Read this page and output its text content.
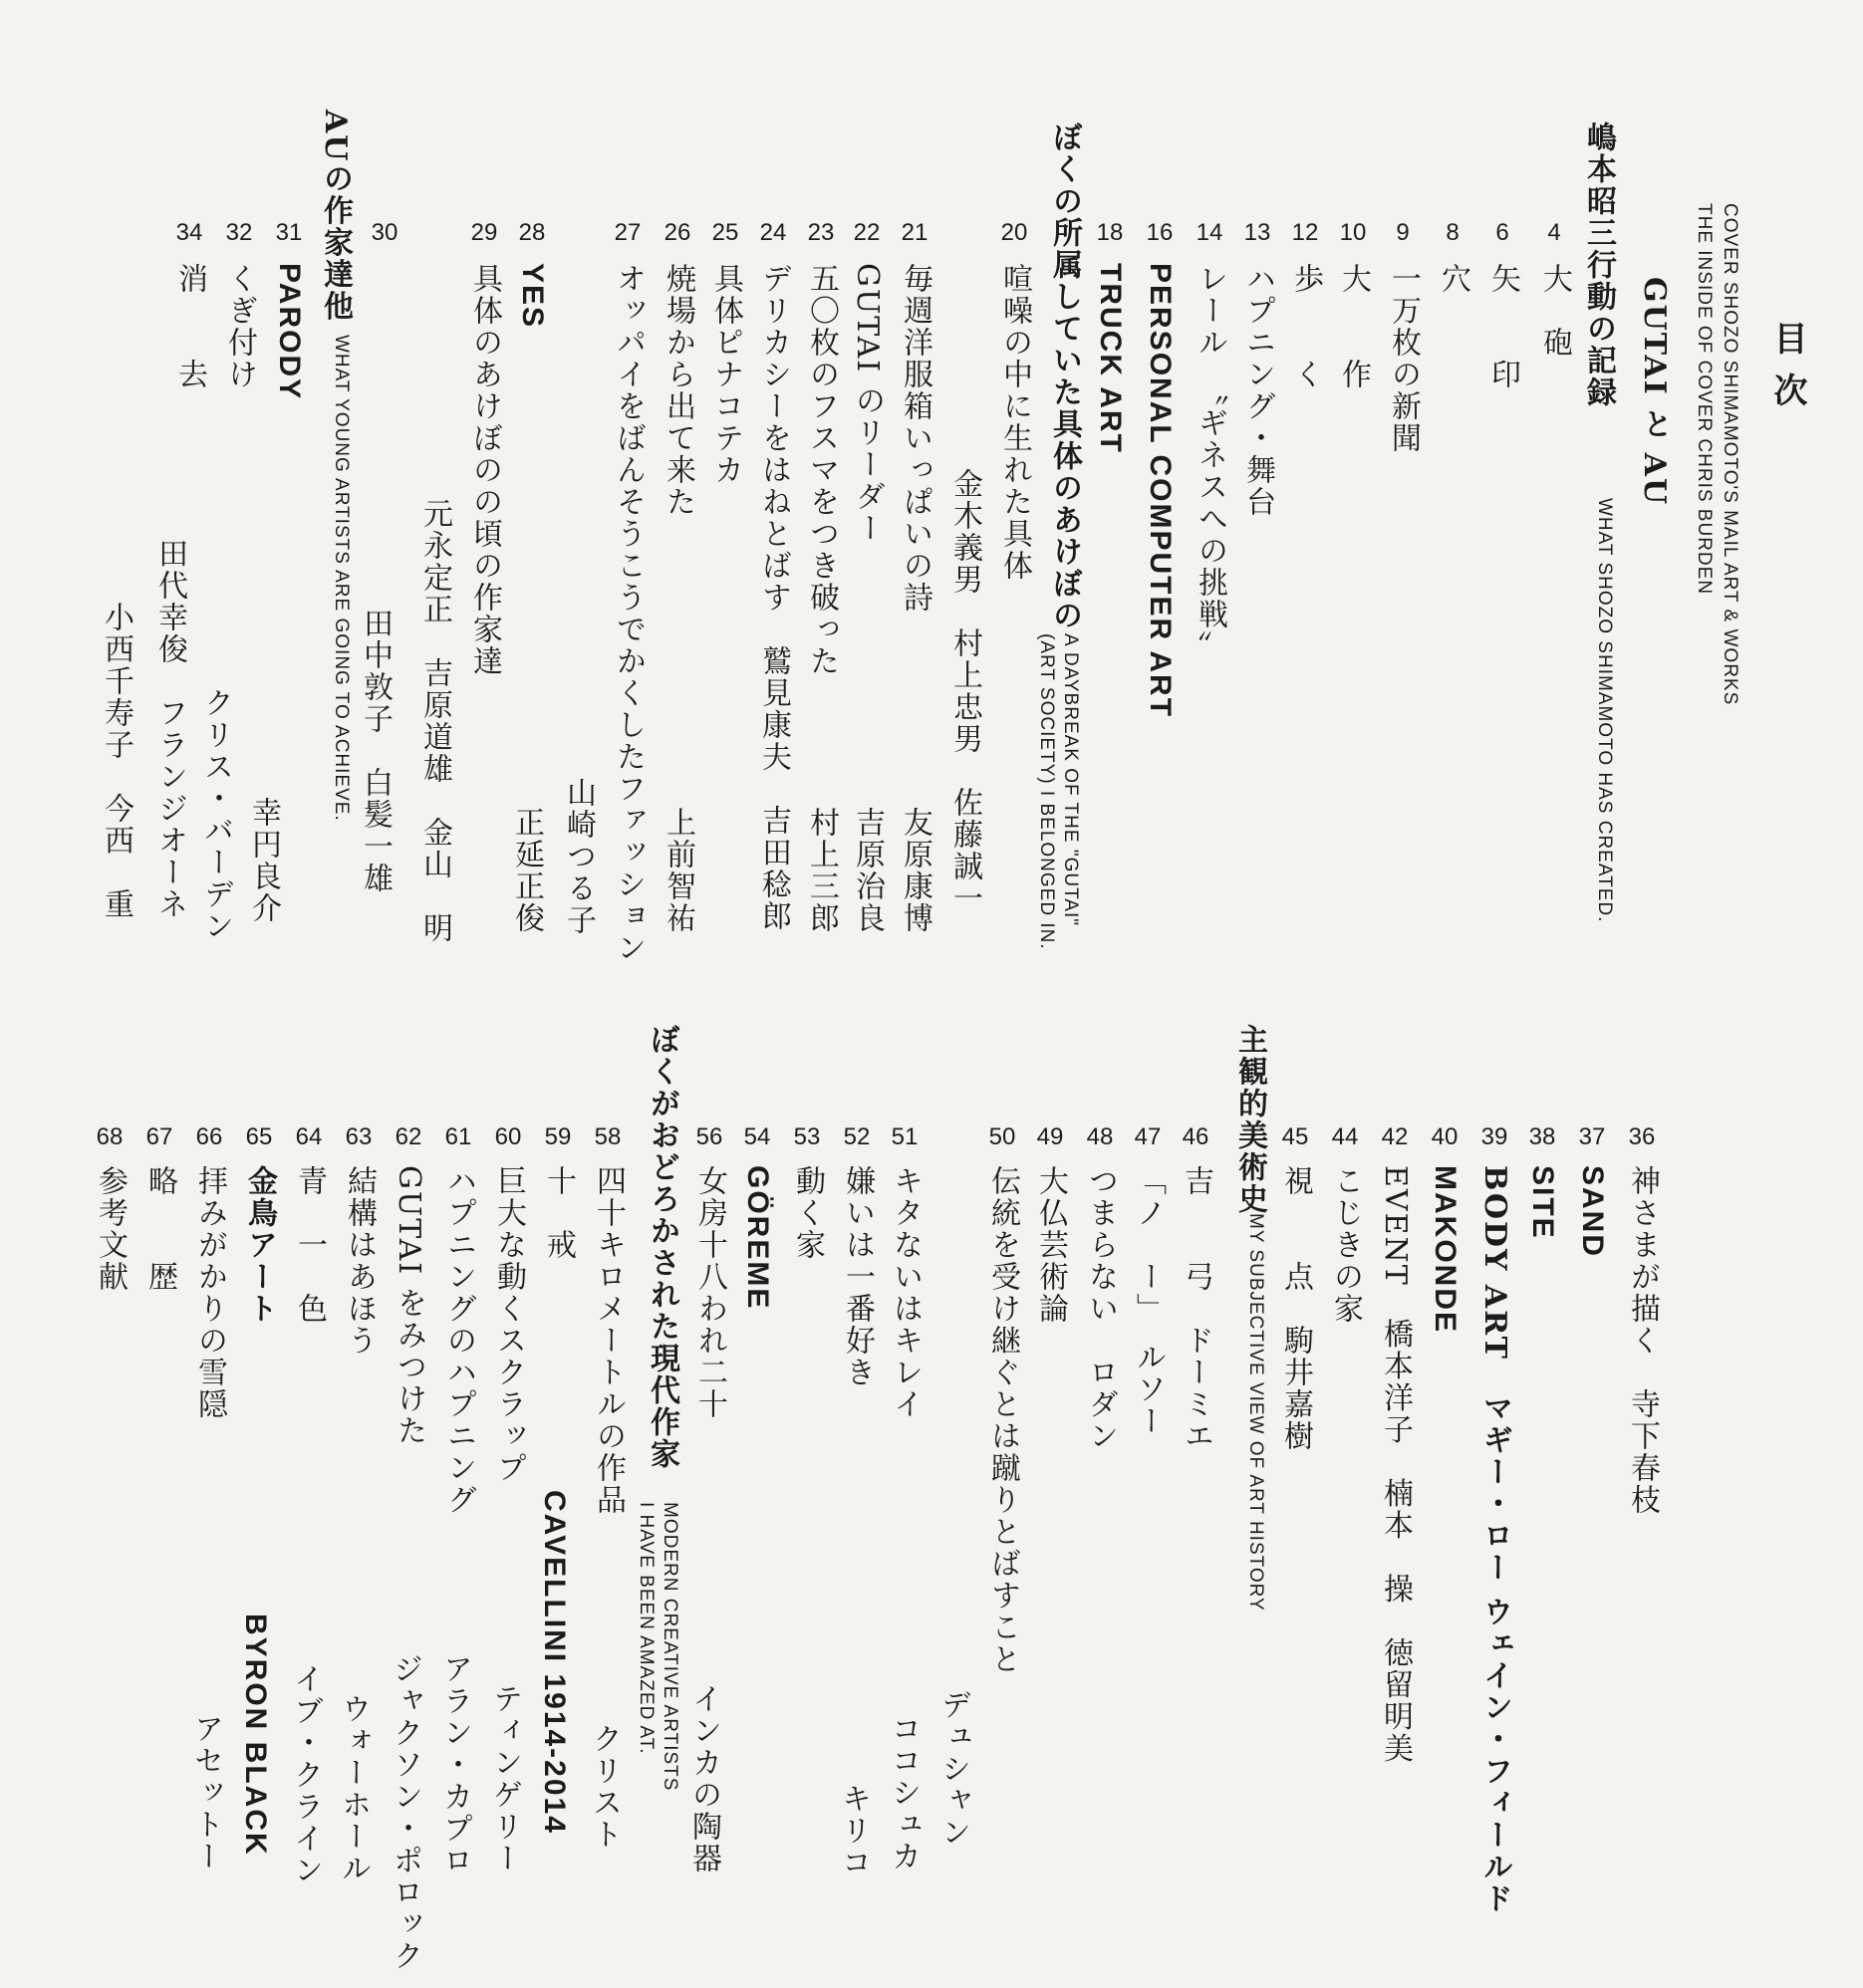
目次
COVER SHOZO SHIMAMOTO'S MAIL ART & WORKS
THE INSIDE OF COVER CHRIS BURDEN
GUTAI と AU
嶋本昭三行動の記録
WHAT SHOZO SHIMAMOTO HAS CREATED.
4
大　砲
6
矢　　印
8
穴
9
一万枚の新聞
10
大　　作
12
歩　　く
13
ハプニング・舞台
14
レール　〝ギネスへの挑戦〟
16
PERSONAL COMPUTER ART
18
TRUCK ART
ぼくの所属していた具体のあけぼの
A DAYBREAK OF THE "GUTAI"
(ART SOCIETY) I BELONGED IN.
20
喧噪の中に生れた具体
金木義男　村上忠男　佐藤誠一
21
毎週洋服箱いっぱいの詩
友原康博
22
GUTAI のリーダー
吉原治良
23
五〇枚のフスマをつき破った
村上三郎
24
デリカシーをはねとばす　鷲見康夫　吉田稔郎
25
具体ピナコテカ
26
焼場から出て来た
上前智祐
27
オッパイをばんそうこうでかくしたファッション
山崎つる子
28
YES
正延正俊
29
具体のあけぼのの頃の作家達
元永定正　吉原道雄　金山　明
30
田中敦子　白髪一雄
AUの作家達他
WHAT YOUNG ARTISTS ARE GOING TO ACHIEVE.
31
PARODY
幸円良介
32
くぎ付け
クリス・バーデン
田代幸俊　フランジオーネ
34
消　　去
小西千寿子　今西　重
36
神さまが描く　寺下春枝
37
SAND
38
SITE
39
BODY ART　マギー・ロー ウェイン・フィールド
40
MAKONDE
42
EVENT　橋本洋子　楠本　操　徳留明美
44
こじきの家
45
視　　点　駒井嘉樹
主観的美術史
MY SUBJECTIVE VIEW OF ART HISTORY
46
吉　　弓　ドーミエ
47
「ノ　ー」　ルソー
48
つまらない　ロダン
49
大仏芸術論
50
伝統を受け継ぐとは蹴りとばすこと
デュシャン
51
キタないはキレイ
ココシュカ
52
嫌いは一番好き
キリコ
53
動く家
54
GÖREME
56
女房十八われ二十
インカの陶器
ぼくがおどろかされた現代作家
MODERN CREATIVE ARTISTS
I HAVE BEEN AMAZED AT.
58
四十キロメートルの作品
クリスト
59
十　戒
CAVELLINI 1914-2014
60
巨大な動くスクラップ
ティンゲリー
61
ハプニングのハプニング
アラン・カプロ
62
GUTAI をみつけた
ジャクソン・ポロック
63
結構はあほう
ウォーホール
64
青　一　色
イブ・クライン
65
金鳥アート
BYRON BLACK
66
拝みがかりの雪隠
アセットー
67
略　　歴
68
参考文献
